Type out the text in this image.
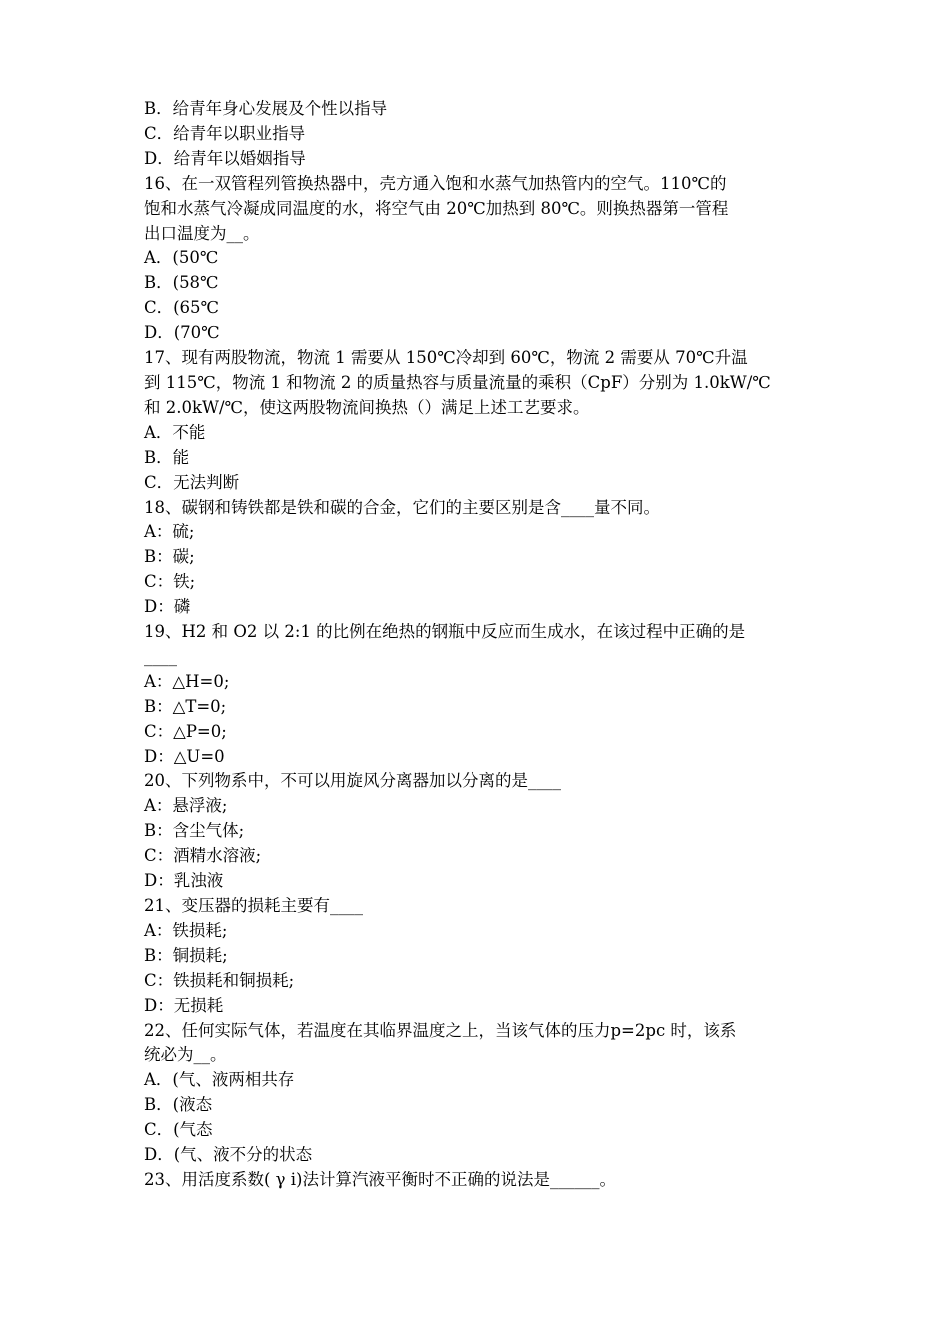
B．给青年身心发展及个性以指导

C．给青年以职业指导

D．给青年以婚姻指导

16、在一双管程列管换热器中，壳方通入饱和水蒸气加热管内的空气。110℃的

饱和水蒸气冷凝成同温度的水，将空气由 20℃加热到 80℃。则换热器第一管程

出口温度为__。

A．(50℃

B．(58℃

C．(65℃

D．(70℃

17、现有两股物流，物流 1 需要从 150℃冷却到 60℃，物流 2 需要从 70℃升温

到 115℃，物流 1 和物流 2 的质量热容与质量流量的乘积（CpF）分别为 1.0kW/℃

和 2.0kW/℃，使这两股物流间换热（）满足上述工艺要求。

A．不能

B．能

C．无法判断

18、碳钢和铸铁都是铁和碳的合金，它们的主要区别是含____量不同。

A：硫;

B：碳;

C：铁;

D：磷

19、H2 和 O2 以 2:1 的比例在绝热的钢瓶中反应而生成水，在该过程中正确的是

____

A：△H=0;

B：△T=0;

C：△P=0;

D：△U=0

20、下列物系中，不可以用旋风分离器加以分离的是____

A：悬浮液;

B：含尘气体;

C：酒精水溶液;

D：乳浊液

21、变压器的损耗主要有____

A：铁损耗;

B：铜损耗;

C：铁损耗和铜损耗;

D：无损耗

22、任何实际气体，若温度在其临界温度之上，当该气体的压力p=2pc 时，该系

统必为__。

A．(气、液两相共存

B．(液态

C．(气态

D．(气、液不分的状态

23、用活度系数( γ i)法计算汽液平衡时不正确的说法是______。
